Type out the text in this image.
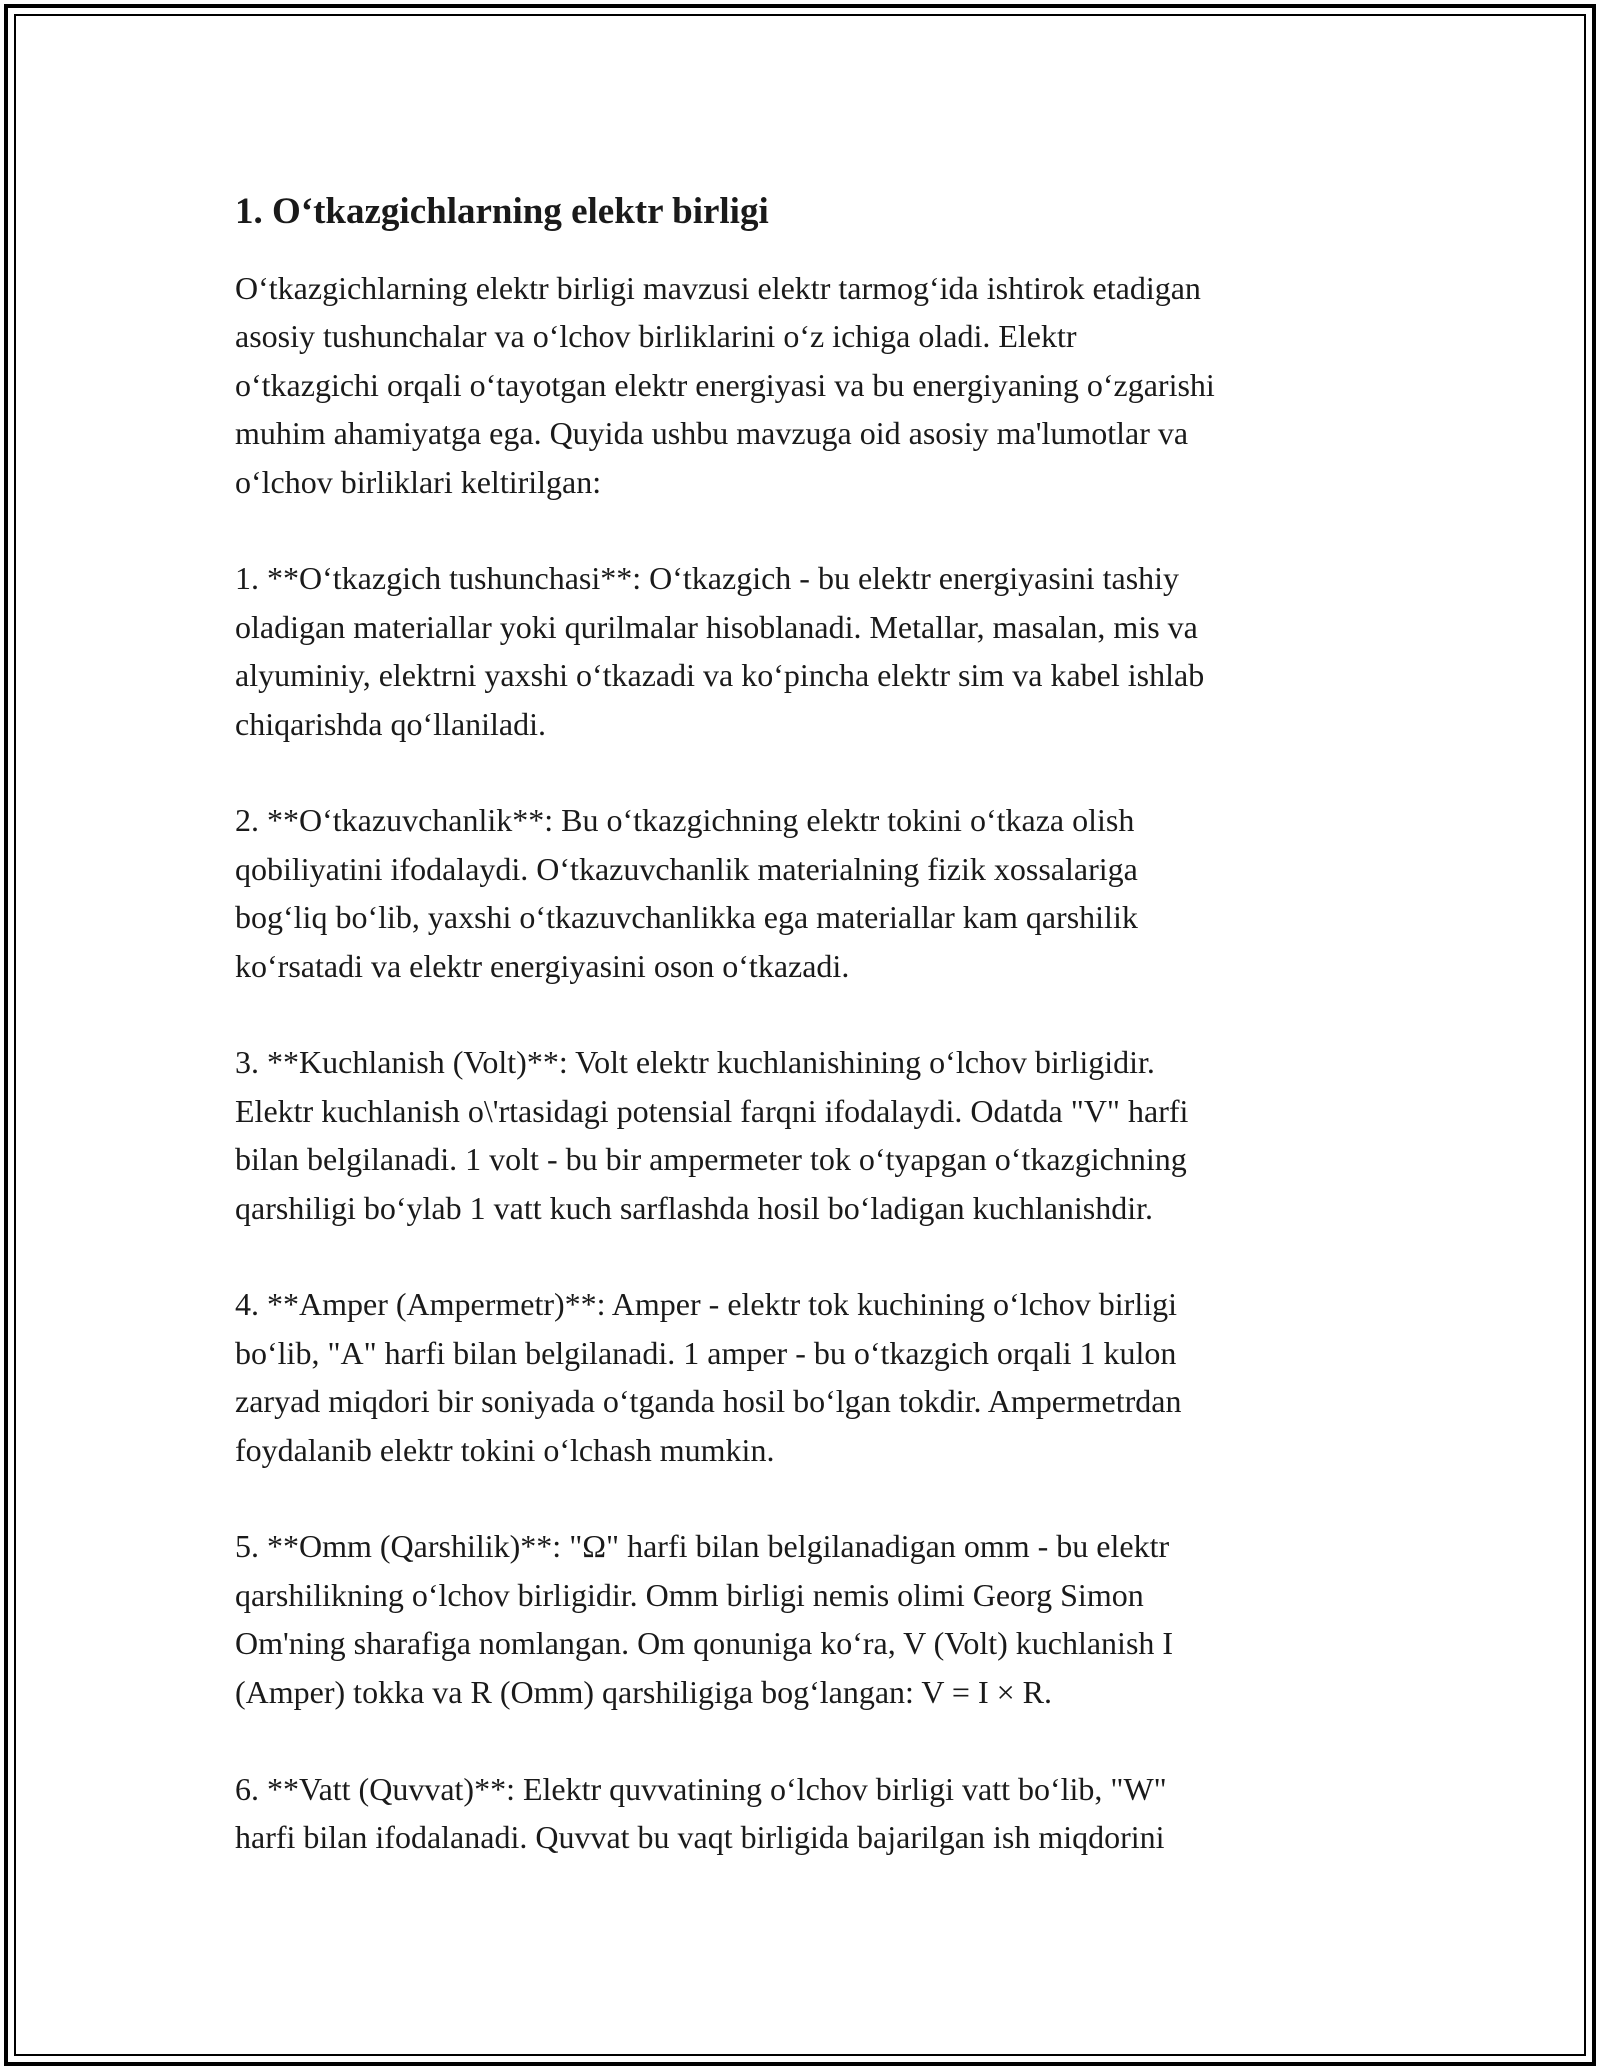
1. O‘tkazgichlarning elektr birligi

O‘tkazgichlarning elektr birligi mavzusi elektr tarmog‘ida ishtirok etadigan
asosiy tushunchalar va o‘lchov birliklarini o‘z ichiga oladi. Elektr
o‘tkazgichi orqali o‘tayotgan elektr energiyasi va bu energiyaning o‘zgarishi
muhim ahamiyatga ega. Quyida ushbu mavzuga oid asosiy ma'lumotlar va
o‘lchov birliklari keltirilgan:

1. **O‘tkazgich tushunchasi**: O‘tkazgich - bu elektr energiyasini tashiy
oladigan materiallar yoki qurilmalar hisoblanadi. Metallar, masalan, mis va
alyuminiy, elektrni yaxshi o‘tkazadi va ko‘pincha elektr sim va kabel ishlab
chiqarishda qo‘llaniladi.

2. **O‘tkazuvchanlik**: Bu o‘tkazgichning elektr tokini o‘tkaza olish
qobiliyatini ifodalaydi. O‘tkazuvchanlik materialning fizik xossalariga
bog‘liq bo‘lib, yaxshi o‘tkazuvchanlikka ega materiallar kam qarshilik
ko‘rsatadi va elektr energiyasini oson o‘tkazadi.

3. **Kuchlanish (Volt)**: Volt elektr kuchlanishining o‘lchov birligidir.
Elektr kuchlanish o\'rtasidagi potensial farqni ifodalaydi. Odatda "V" harfi
bilan belgilanadi. 1 volt - bu bir ampermeter tok o‘tyapgan o‘tkazgichning
qarshiligi bo‘ylab 1 vatt kuch sarflashda hosil bo‘ladigan kuchlanishdir.

4. **Amper (Ampermetr)**: Amper - elektr tok kuchining o‘lchov birligi
bo‘lib, "A" harfi bilan belgilanadi. 1 amper - bu o‘tkazgich orqali 1 kulon
zaryad miqdori bir soniyada o‘tganda hosil bo‘lgan tokdir. Ampermetrdan
foydalanib elektr tokini o‘lchash mumkin.

5. **Omm (Qarshilik)**: "Ω" harfi bilan belgilanadigan omm - bu elektr
qarshilikning o‘lchov birligidir. Omm birligi nemis olimi Georg Simon
Om'ning sharafiga nomlangan. Om qonuniga ko‘ra, V (Volt) kuchlanish I
(Amper) tokka va R (Omm) qarshiligiga bog‘langan: V = I × R.

6. **Vatt (Quvvat)**: Elektr quvvatining o‘lchov birligi vatt bo‘lib, "W"
harfi bilan ifodalanadi. Quvvat bu vaqt birligida bajarilgan ish miqdorini
